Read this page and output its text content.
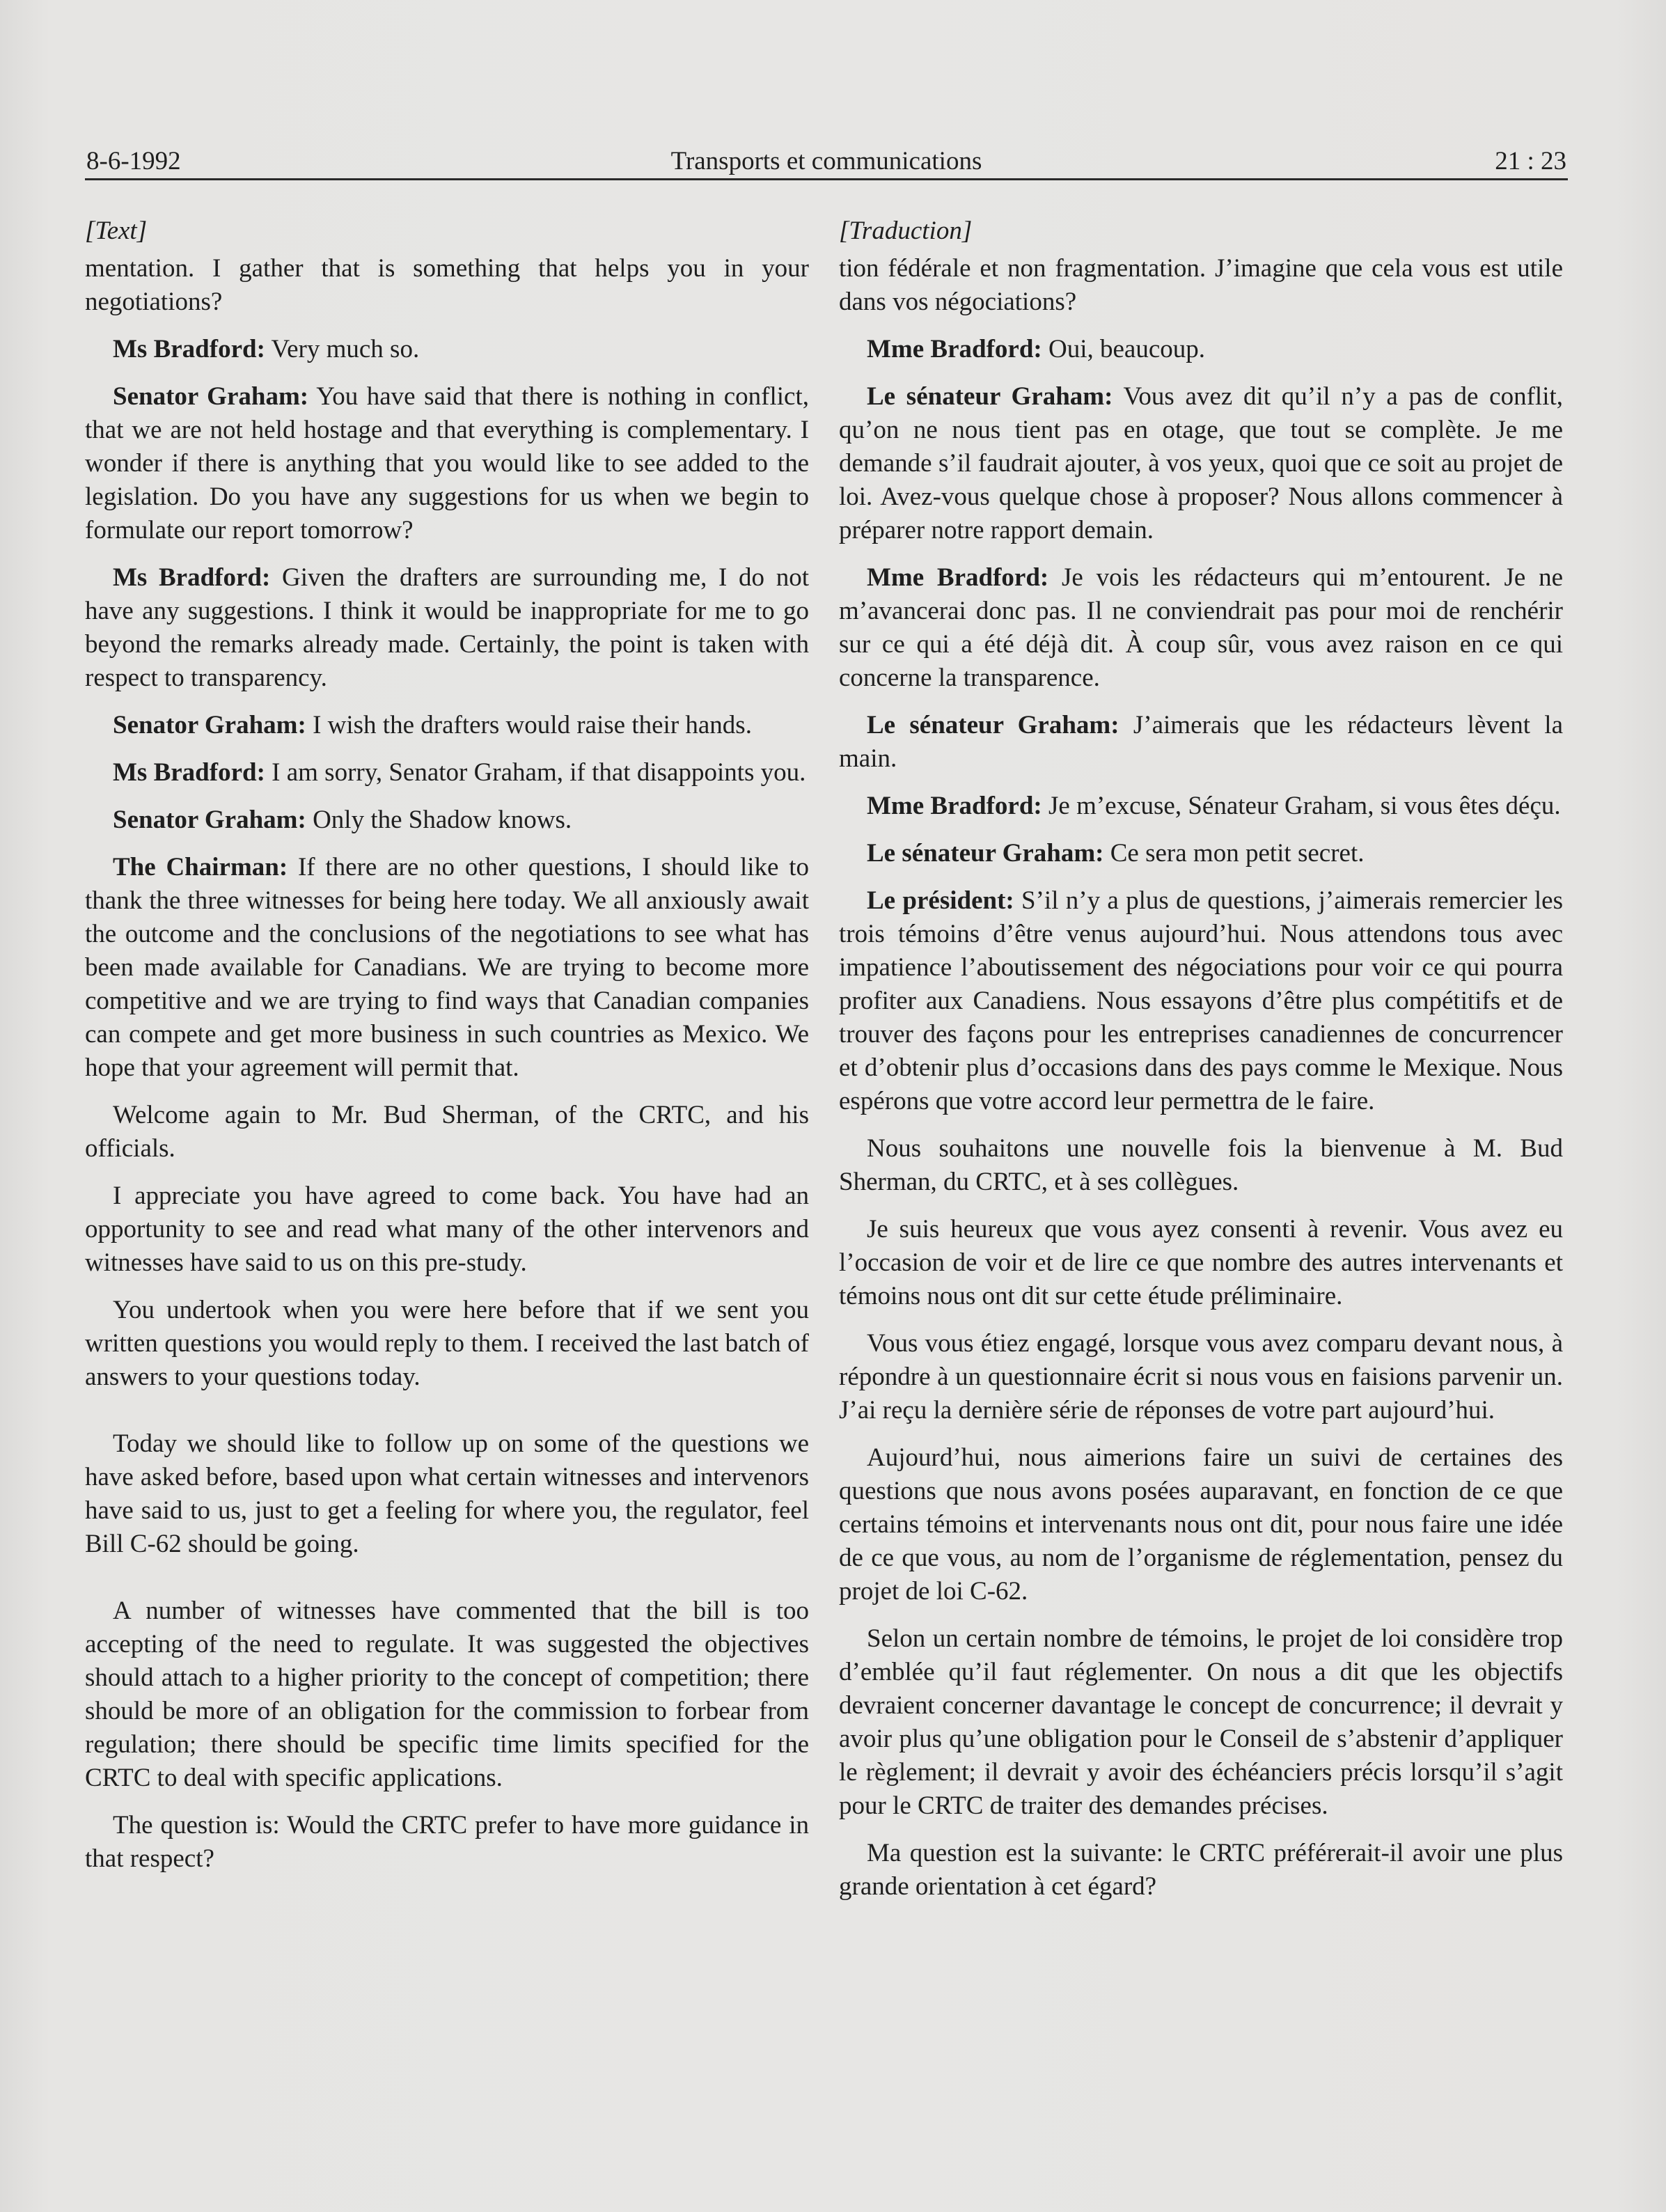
8-6-1992	Transports et communications	21 : 23
[Text]

mentation. I gather that is something that helps you in your negotiations?

Ms Bradford: Very much so.

Senator Graham: You have said that there is nothing in conflict, that we are not held hostage and that everything is complementary. I wonder if there is anything that you would like to see added to the legislation. Do you have any suggestions for us when we begin to formulate our report tomorrow?

Ms Bradford: Given the drafters are surrounding me, I do not have any suggestions. I think it would be inappropriate for me to go beyond the remarks already made. Certainly, the point is taken with respect to transparency.

Senator Graham: I wish the drafters would raise their hands.

Ms Bradford: I am sorry, Senator Graham, if that disappoints you.

Senator Graham: Only the Shadow knows.

The Chairman: If there are no other questions, I should like to thank the three witnesses for being here today. We all anxiously await the outcome and the conclusions of the negotiations to see what has been made available for Canadians. We are trying to become more competitive and we are trying to find ways that Canadian companies can compete and get more business in such countries as Mexico. We hope that your agreement will permit that.

Welcome again to Mr. Bud Sherman, of the CRTC, and his officials.

I appreciate you have agreed to come back. You have had an opportunity to see and read what many of the other intervenors and witnesses have said to us on this pre-study.

You undertook when you were here before that if we sent you written questions you would reply to them. I received the last batch of answers to your questions today.

Today we should like to follow up on some of the questions we have asked before, based upon what certain witnesses and intervenors have said to us, just to get a feeling for where you, the regulator, feel Bill C-62 should be going.

A number of witnesses have commented that the bill is too accepting of the need to regulate. It was suggested the objectives should attach to a higher priority to the concept of competition; there should be more of an obligation for the commission to forbear from regulation; there should be specific time limits specified for the CRTC to deal with specific applications.

The question is: Would the CRTC prefer to have more guidance in that respect?

[Traduction]

tion fédérale et non fragmentation. J’imagine que cela vous est utile dans vos négociations?

Mme Bradford: Oui, beaucoup.

Le sénateur Graham: Vous avez dit qu’il n’y a pas de conflit, qu’on ne nous tient pas en otage, que tout se complète. Je me demande s’il faudrait ajouter, à vos yeux, quoi que ce soit au projet de loi. Avez-vous quelque chose à proposer? Nous allons commencer à préparer notre rapport demain.

Mme Bradford: Je vois les rédacteurs qui m’entourent. Je ne m’avancerai donc pas. Il ne conviendrait pas pour moi de renchérir sur ce qui a été déjà dit. À coup sûr, vous avez raison en ce qui concerne la transparence.

Le sénateur Graham: J’aimerais que les rédacteurs lèvent la main.

Mme Bradford: Je m’excuse, Sénateur Graham, si vous êtes déçu.

Le sénateur Graham: Ce sera mon petit secret.

Le président: S’il n’y a plus de questions, j’aimerais remercier les trois témoins d’être venus aujourd’hui. Nous attendons tous avec impatience l’aboutissement des négociations pour voir ce qui pourra profiter aux Canadiens. Nous essayons d’être plus compétitifs et de trouver des façons pour les entreprises canadiennes de concurrencer et d’obtenir plus d’occasions dans des pays comme le Mexique. Nous espérons que votre accord leur permettra de le faire.

Nous souhaitons une nouvelle fois la bienvenue à M. Bud Sherman, du CRTC, et à ses collègues.

Je suis heureux que vous ayez consenti à revenir. Vous avez eu l’occasion de voir et de lire ce que nombre des autres intervenants et témoins nous ont dit sur cette étude préliminaire.

Vous vous étiez engagé, lorsque vous avez comparu devant nous, à répondre à un questionnaire écrit si nous vous en faisions parvenir un. J’ai reçu la dernière série de réponses de votre part aujourd’hui.

Aujourd’hui, nous aimerions faire un suivi de certaines des questions que nous avons posées auparavant, en fonction de ce que certains témoins et intervenants nous ont dit, pour nous faire une idée de ce que vous, au nom de l’organisme de réglementation, pensez du projet de loi C-62.

Selon un certain nombre de témoins, le projet de loi considère trop d’emblée qu’il faut réglementer. On nous a dit que les objectifs devraient concerner davantage le concept de concurrence; il devrait y avoir plus qu’une obligation pour le Conseil de s’abstenir d’appliquer le règlement; il devrait y avoir des échéanciers précis lorsqu’il s’agit pour le CRTC de traiter des demandes précises.

Ma question est la suivante: le CRTC préférerait-il avoir une plus grande orientation à cet égard?
